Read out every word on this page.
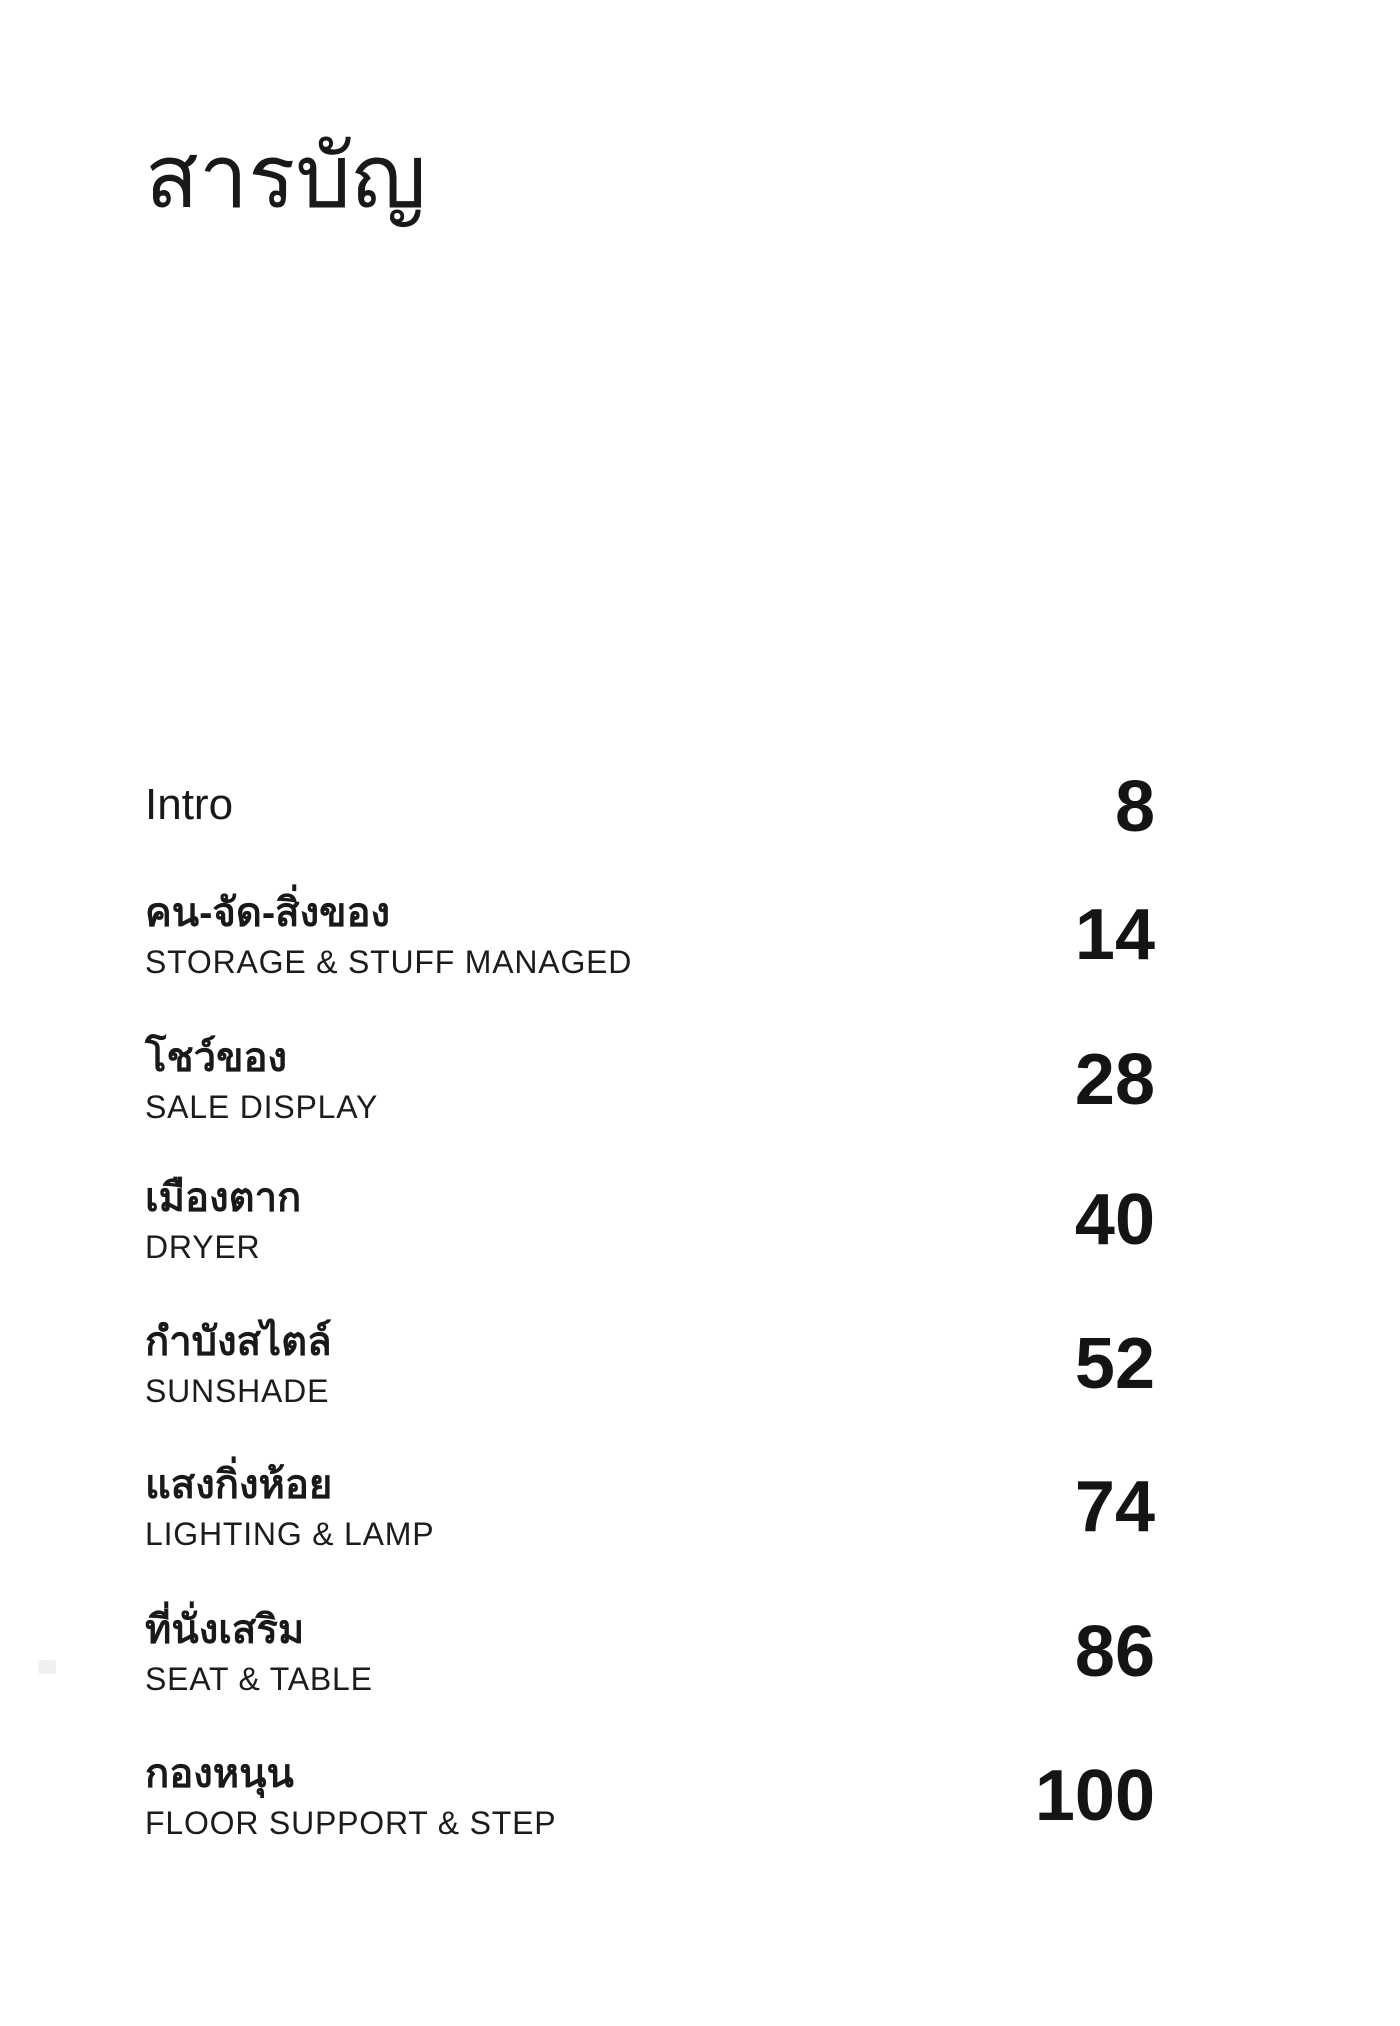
สารบัญ
Intro	8
คน-จัด-สิ่งของ
STORAGE & STUFF MANAGED	14
โชว์ของ
SALE DISPLAY	28
เมืองตาก
DRYER	40
กำบังสไตล์
SUNSHADE	52
แสงกิ่งห้อย
LIGHTING & LAMP	74
ที่นั่งเสริม
SEAT & TABLE	86
กองหนุน
FLOOR SUPPORT & STEP	100
